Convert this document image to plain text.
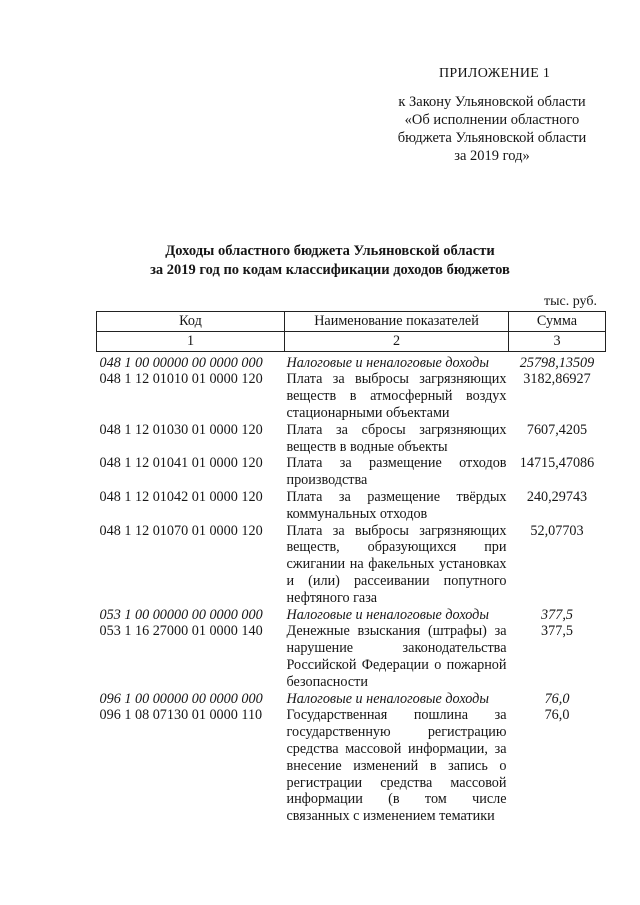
ПРИЛОЖЕНИЕ 1
к Закону Ульяновской области
«Об исполнении областного
бюджета Ульяновской области
за 2019 год»
Доходы областного бюджета Ульяновской области
за 2019 год по кодам классификации доходов бюджетов
тыс. руб.
Код	Наименование показателей	Сумма
1	2	3
048 1 00 00000 00 0000 000	Налоговые и неналоговые доходы	25798,13509
048 1 12 01010 01 0000 120	Плата за выбросы загрязняющих веществ в атмосферный воздух стационарными объектами	3182,86927
048 1 12 01030 01 0000 120	Плата за сбросы загрязняющих веществ в водные объекты	7607,4205
048 1 12 01041 01 0000 120	Плата за размещение отходов производства	14715,47086
048 1 12 01042 01 0000 120	Плата за размещение твёрдых коммунальных отходов	240,29743
048 1 12 01070 01 0000 120	Плата за выбросы загрязняющих веществ, образующихся при сжигании на факельных установках и (или) рассеивании попутного нефтяного газа	52,07703
053 1 00 00000 00 0000 000	Налоговые и неналоговые доходы	377,5
053 1 16 27000 01 0000 140	Денежные взыскания (штрафы) за нарушение законодательства Российской Федерации о пожарной безопасности	377,5
096 1 00 00000 00 0000 000	Налоговые и неналоговые доходы	76,0
096 1 08 07130 01 0000 110	Государственная пошлина за государственную регистрацию средства массовой информации, за внесение изменений в запись о регистрации средства массовой информации (в том числе связанных с изменением тематики	76,0
